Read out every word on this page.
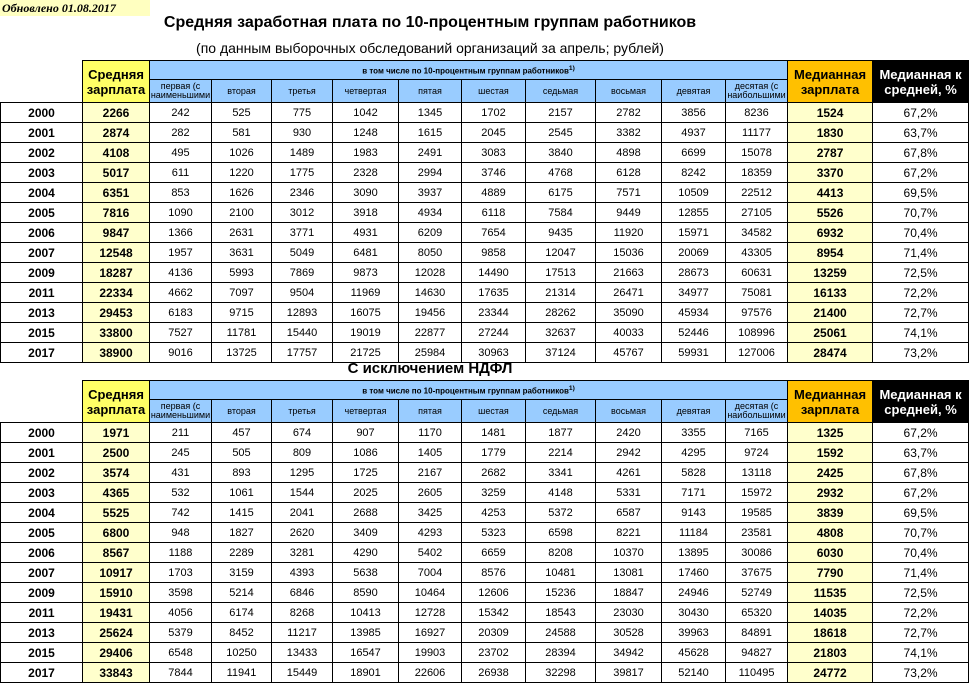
Обновлено 01.08.2017
Средняя заработная плата по 10-процентным группам работников
(по данным выборочных обследований организаций за апрель; рублей)
	Средняя зарплата	в том числе по 10-процентным группам работников$^{1)}$										Медианная зарплата	Медианная к средней, %
		первая (с наименьшими	вторая	третья	четвертая	пятая	шестая	седьмая	восьмая	девятая	десятая (с наибольшими		
2000	2266	242	525	775	1042	1345	1702	2157	2782	3856	8236	1524	67,2%
2001	2874	282	581	930	1248	1615	2045	2545	3382	4937	11177	1830	63,7%
2002	4108	495	1026	1489	1983	2491	3083	3840	4898	6699	15078	2787	67,8%
2003	5017	611	1220	1775	2328	2994	3746	4768	6128	8242	18359	3370	67,2%
2004	6351	853	1626	2346	3090	3937	4889	6175	7571	10509	22512	4413	69,5%
2005	7816	1090	2100	3012	3918	4934	6118	7584	9449	12855	27105	5526	70,7%
2006	9847	1366	2631	3771	4931	6209	7654	9435	11920	15971	34582	6932	70,4%
2007	12548	1957	3631	5049	6481	8050	9858	12047	15036	20069	43305	8954	71,4%
2009	18287	4136	5993	7869	9873	12028	14490	17513	21663	28673	60631	13259	72,5%
2011	22334	4662	7097	9504	11969	14630	17635	21314	26471	34977	75081	16133	72,2%
2013	29453	6183	9715	12893	16075	19456	23344	28262	35090	45934	97576	21400	72,7%
2015	33800	7527	11781	15440	19019	22877	27244	32637	40033	52446	108996	25061	74,1%
2017	38900	9016	13725	17757	21725	25984	30963	37124	45767	59931	127006	28474	73,2%
С исключением НДФЛ
	Средняя зарплата	в том числе по 10-процентным группам работников$^{1)}$										Медианная зарплата	Медианная к средней, %
		первая (с наименьшими	вторая	третья	четвертая	пятая	шестая	седьмая	восьмая	девятая	десятая (с наибольшими		
2000	1971	211	457	674	907	1170	1481	1877	2420	3355	7165	1325	67,2%
2001	2500	245	505	809	1086	1405	1779	2214	2942	4295	9724	1592	63,7%
2002	3574	431	893	1295	1725	2167	2682	3341	4261	5828	13118	2425	67,8%
2003	4365	532	1061	1544	2025	2605	3259	4148	5331	7171	15972	2932	67,2%
2004	5525	742	1415	2041	2688	3425	4253	5372	6587	9143	19585	3839	69,5%
2005	6800	948	1827	2620	3409	4293	5323	6598	8221	11184	23581	4808	70,7%
2006	8567	1188	2289	3281	4290	5402	6659	8208	10370	13895	30086	6030	70,4%
2007	10917	1703	3159	4393	5638	7004	8576	10481	13081	17460	37675	7790	71,4%
2009	15910	3598	5214	6846	8590	10464	12606	15236	18847	24946	52749	11535	72,5%
2011	19431	4056	6174	8268	10413	12728	15342	18543	23030	30430	65320	14035	72,2%
2013	25624	5379	8452	11217	13985	16927	20309	24588	30528	39963	84891	18618	72,7%
2015	29406	6548	10250	13433	16547	19903	23702	28394	34942	45628	94827	21803	74,1%
2017	33843	7844	11941	15449	18901	22606	26938	32298	39817	52140	110495	24772	73,2%
